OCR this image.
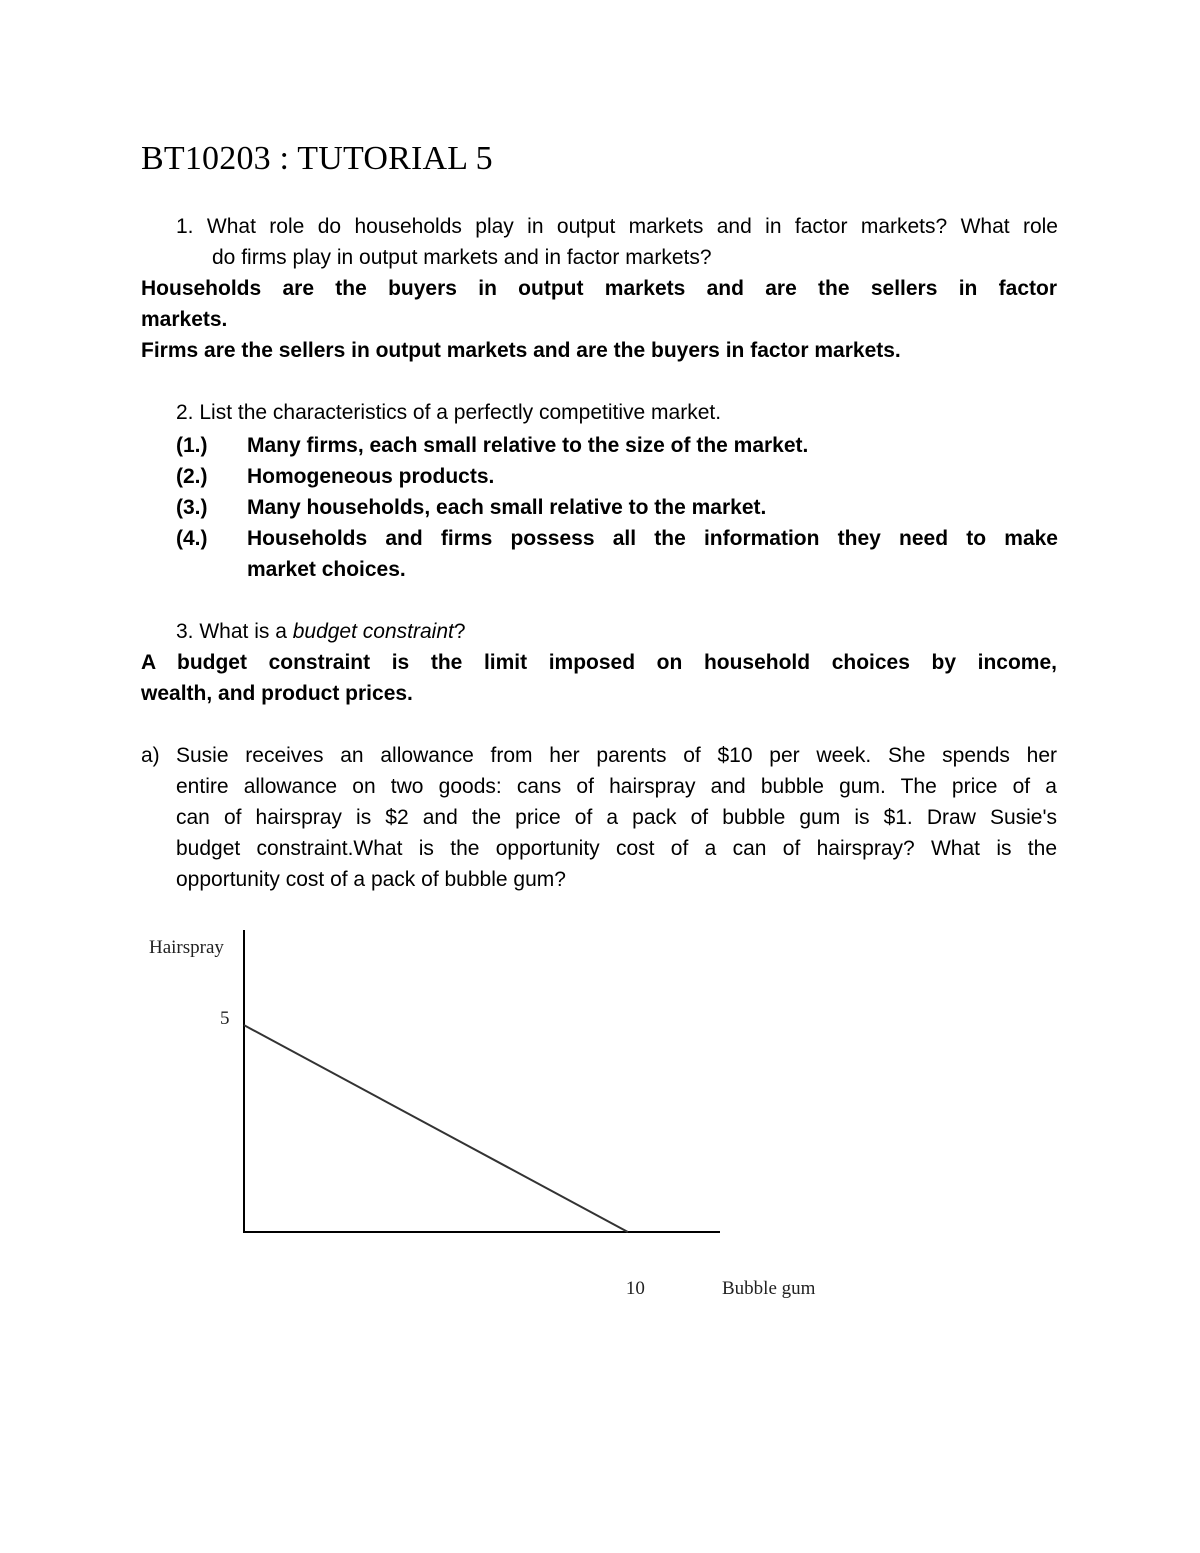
BT10203 : TUTORIAL 5
1. What role do households play in output markets and in factor markets? What role
do firms play in output markets and in factor markets?
Households are the buyers in output markets and are the sellers in factor
markets.
Firms are the sellers in output markets and are the buyers in factor markets.
2. List the characteristics of a perfectly competitive market.
(1.) Many firms, each small relative to the size of the market.
(2.) Homogeneous products.
(3.) Many households, each small relative to the market.
(4.) Households and firms possess all the information they need to make
market choices.
3. What is a budget constraint?
A budget constraint is the limit imposed on household choices by income,
wealth, and product prices.
a) Susie receives an allowance from her parents of $10 per week. She spends her
entire allowance on two goods: cans of hairspray and bubble gum. The price of a
can of hairspray is $2 and the price of a pack of bubble gum is $1. Draw Susie's
budget constraint.What is the opportunity cost of a can of hairspray? What is the
opportunity cost of a pack of bubble gum?
Hairspray
Bubble gum
5
10
